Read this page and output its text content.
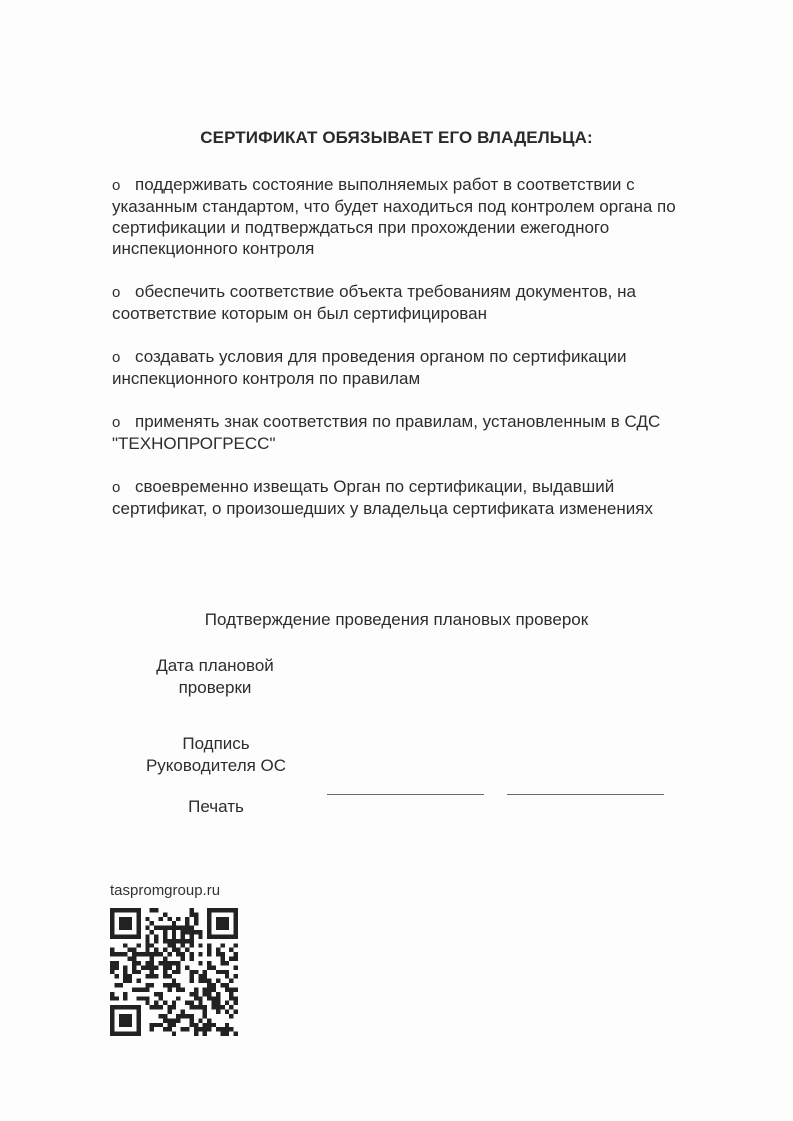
СЕРТИФИКАТ ОБЯЗЫВАЕТ ЕГО ВЛАДЕЛЬЦА:
o поддерживать состояние выполняемых работ в соответствии с указанным стандартом, что будет находиться под контролем органа по сертификации и подтверждаться при прохождении ежегодного инспекционного контроля
o обеспечить соответствие объекта требованиям документов, на соответствие которым он был сертифицирован
o создавать условия для проведения органом по сертификации инспекционного контроля по правилам
o применять знак соответствия по правилам, установленным в СДС "ТЕХНОПРОГРЕСС"
o своевременно извещать Орган по сертификации, выдавший сертификат, о произошедших у владельца сертификата изменениях
Подтверждение проведения плановых проверок
Дата плановой проверки
Подпись Руководителя ОС
Печать
taspromgroup.ru
